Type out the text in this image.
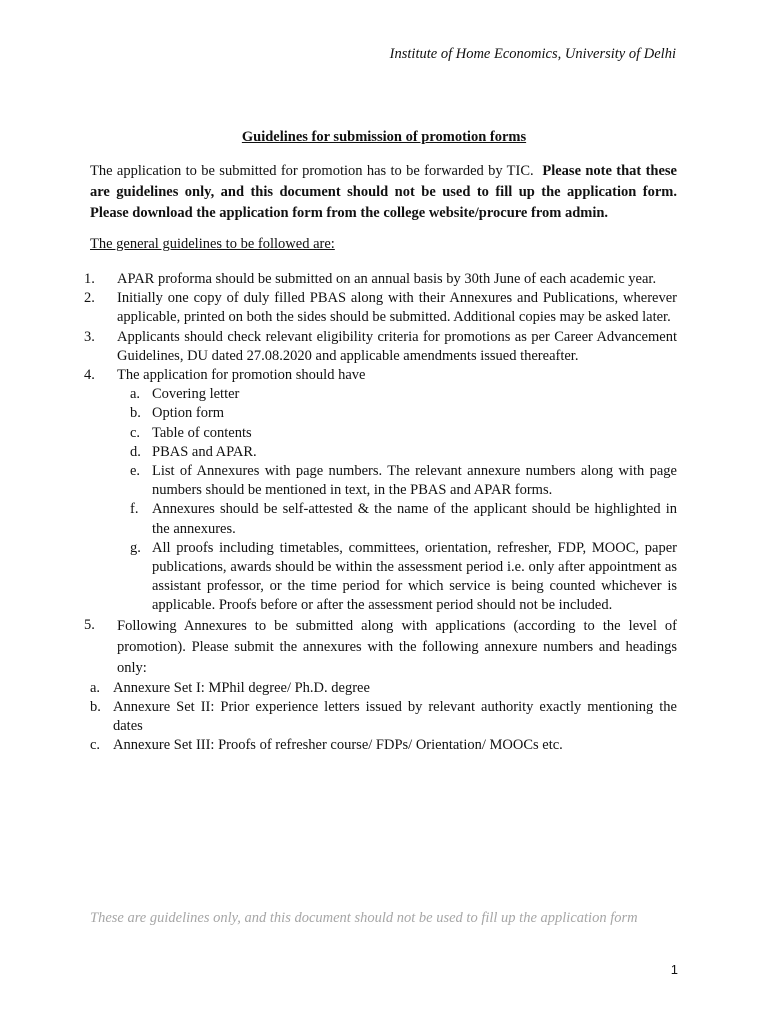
Institute of Home Economics, University of Delhi
Guidelines for submission of promotion forms
The application to be submitted for promotion has to be forwarded by TIC. Please note that these are guidelines only, and this document should not be used to fill up the application form. Please download the application form from the college website/procure from admin.
The general guidelines to be followed are:
1.	APAR proforma should be submitted on an annual basis by 30th June of each academic year.
2.	Initially one copy of duly filled PBAS along with their Annexures and Publications, wherever applicable, printed on both the sides should be submitted. Additional copies may be asked later.
3.	Applicants should check relevant eligibility criteria for promotions as per Career Advancement Guidelines, DU dated 27.08.2020 and applicable amendments issued thereafter.
4.	The application for promotion should have
a. Covering letter
b. Option form
c. Table of contents
d. PBAS and APAR.
e. List of Annexures with page numbers. The relevant annexure numbers along with page numbers should be mentioned in text, in the PBAS and APAR forms.
f. Annexures should be self-attested & the name of the applicant should be highlighted in the annexures.
g. All proofs including timetables, committees, orientation, refresher, FDP, MOOC, paper publications, awards should be within the assessment period i.e. only after appointment as assistant professor, or the time period for which service is being counted whichever is applicable. Proofs before or after the assessment period should not be included.
5.	Following Annexures to be submitted along with applications (according to the level of promotion). Please submit the annexures with the following annexure numbers and headings only:
a. Annexure Set I: MPhil degree/ Ph.D. degree
b. Annexure Set II: Prior experience letters issued by relevant authority exactly mentioning the dates
c. Annexure Set III: Proofs of refresher course/ FDPs/ Orientation/ MOOCs etc.
These are guidelines only, and this document should not be used to fill up the application form
1
